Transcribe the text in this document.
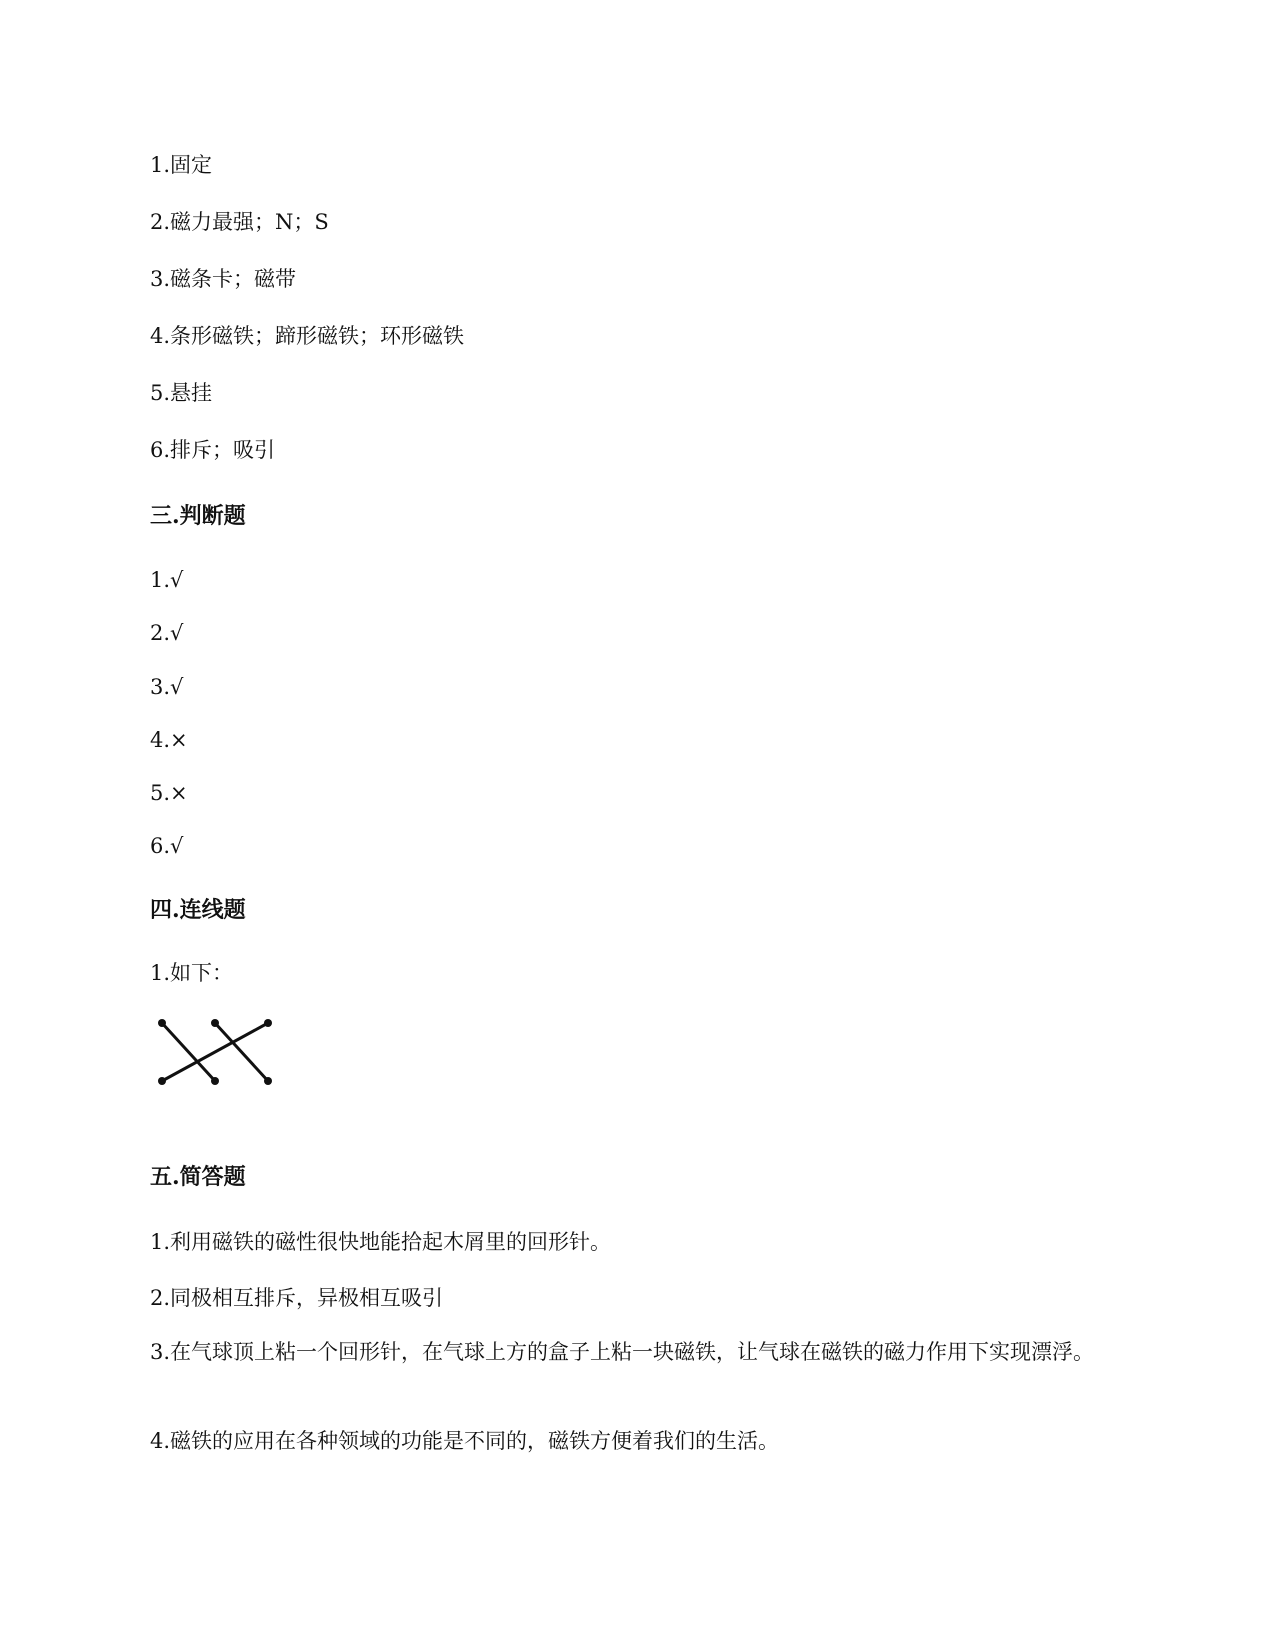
1.固定
2.磁力最强；N；S
3.磁条卡；磁带
4.条形磁铁；蹄形磁铁；环形磁铁
5.悬挂
6.排斥；吸引
三.判断题
1.√
2.√
3.√
4.×
5.×
6.√
四.连线题
1.如下：
五.简答题
1.利用磁铁的磁性很快地能拾起木屑里的回形针。
2.同极相互排斥，异极相互吸引
3.在气球顶上粘一个回形针，在气球上方的盒子上粘一块磁铁，让气球在磁铁的磁力作用下实现漂浮。
4.磁铁的应用在各种领域的功能是不同的，磁铁方便着我们的生活。
